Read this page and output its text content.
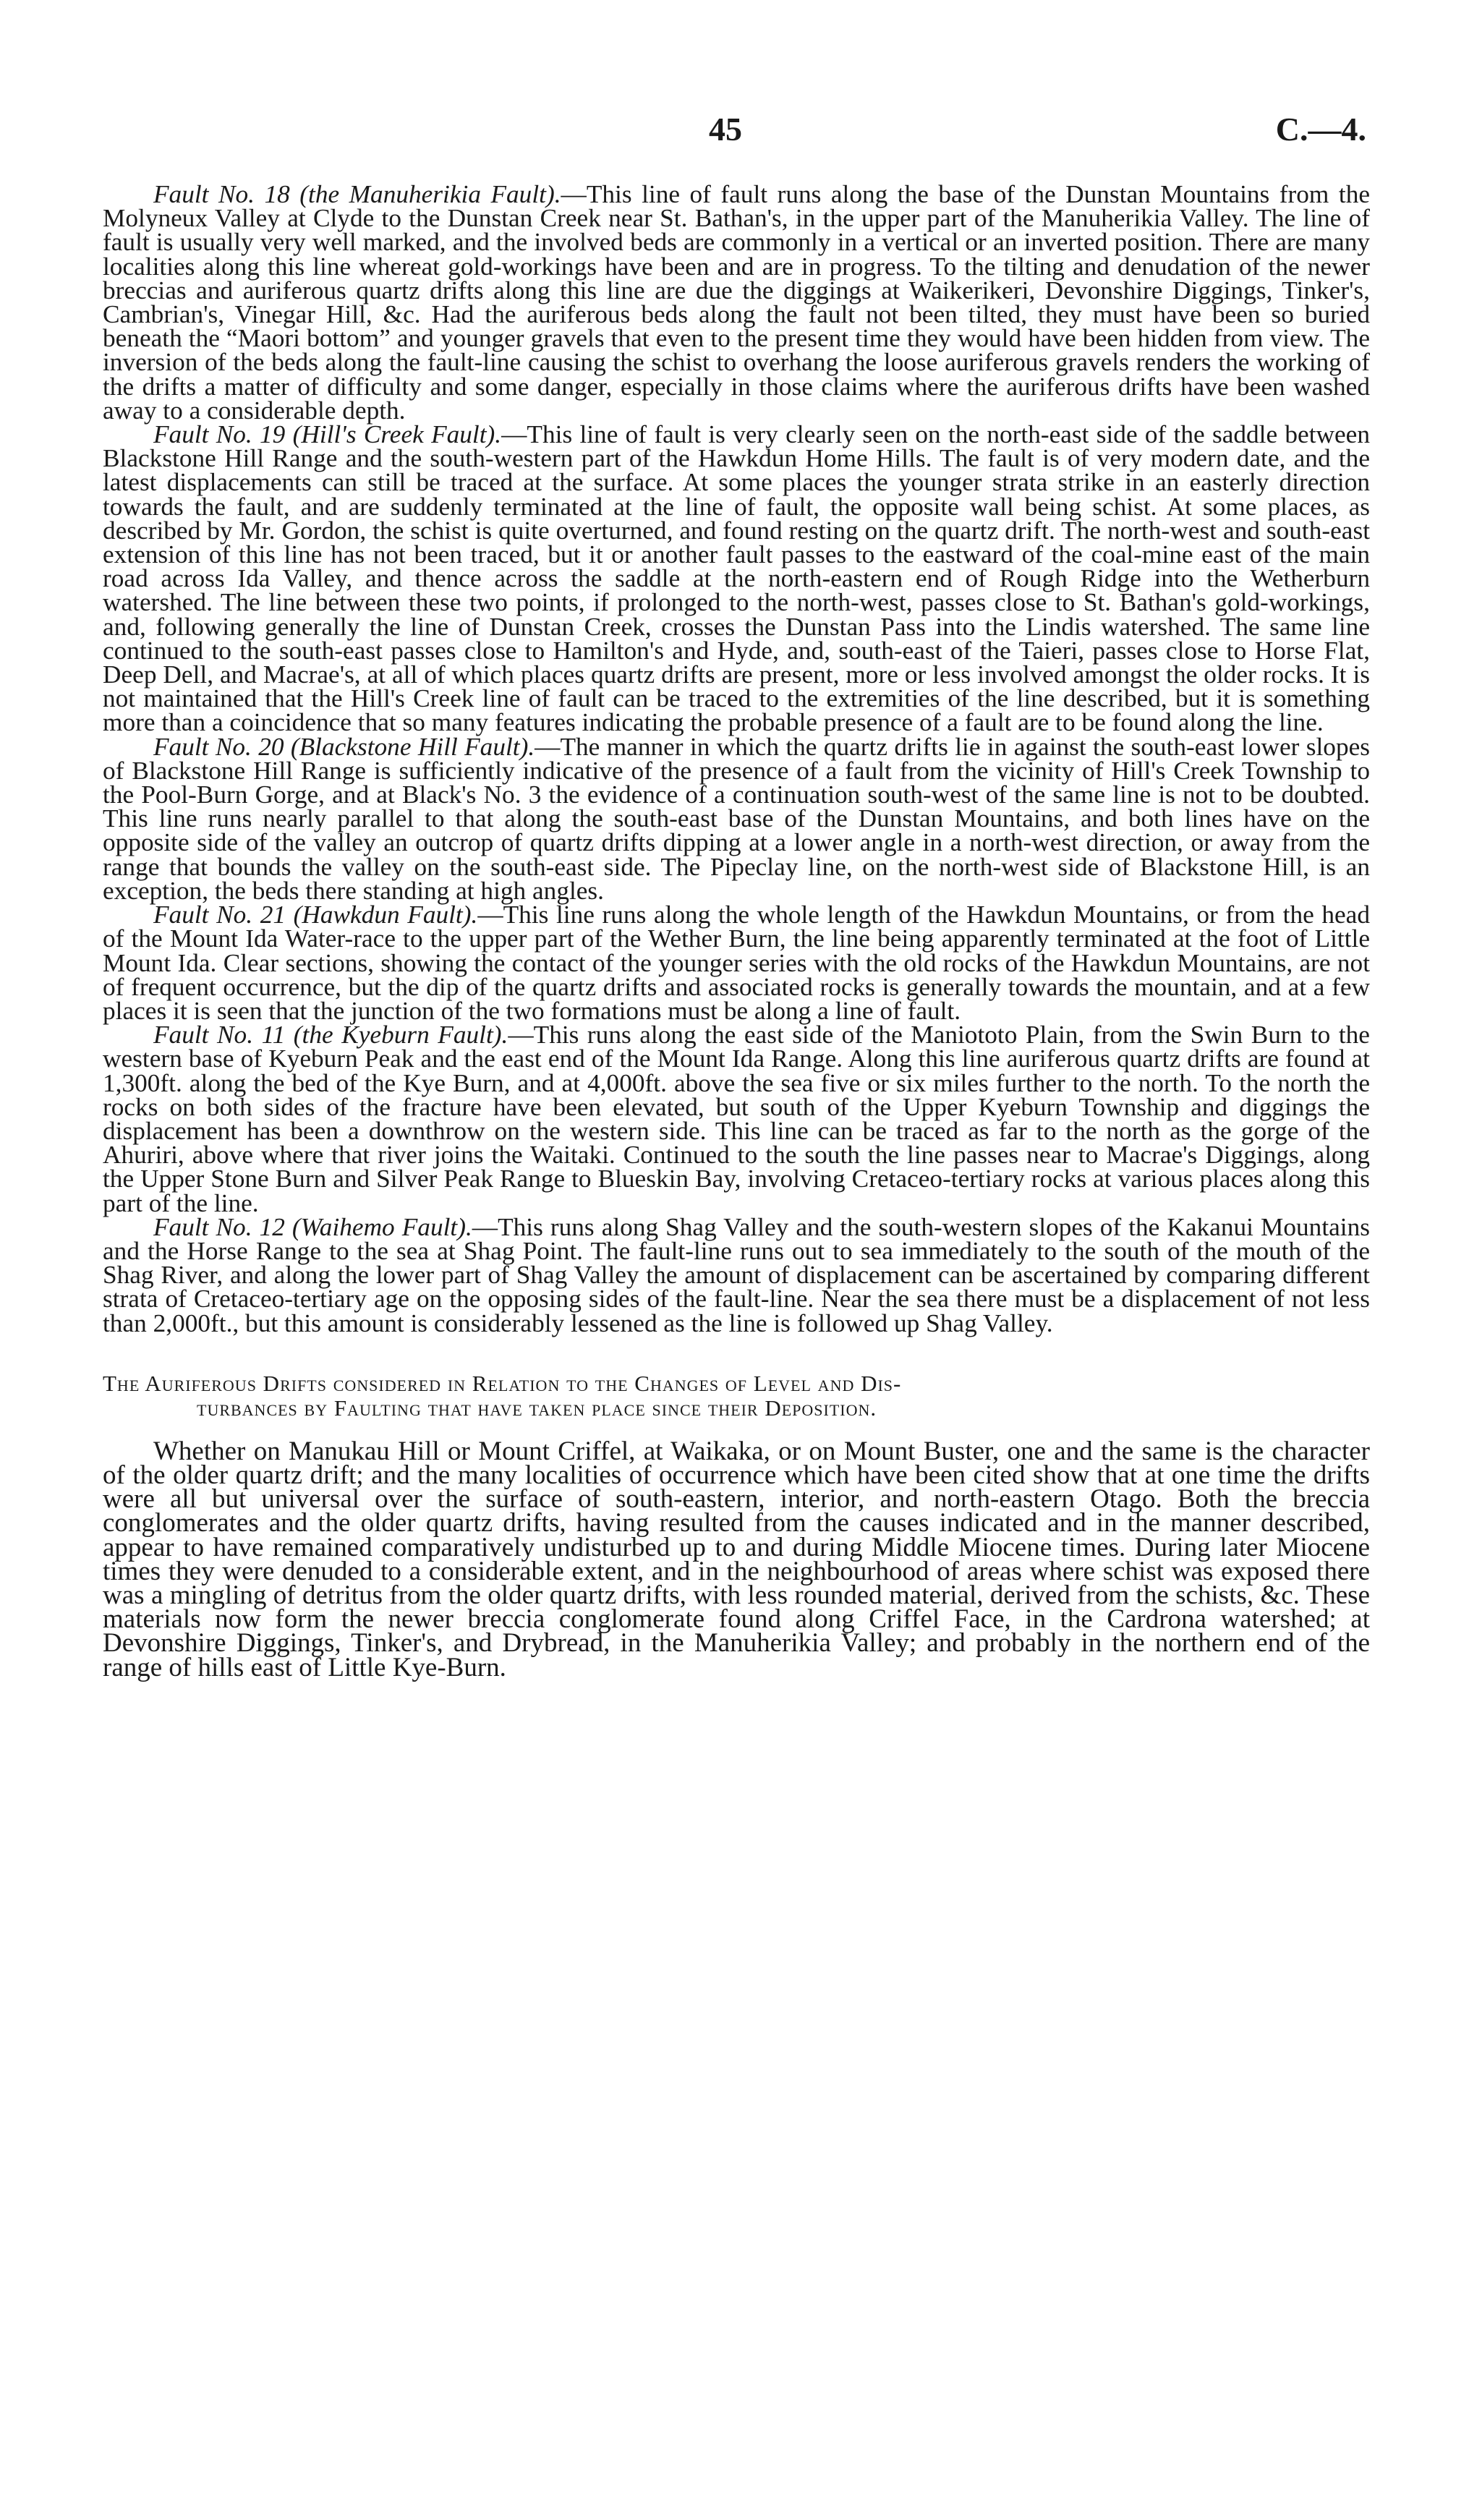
45	C.—4.

Fault No. 18 (the Manuherikia Fault).—This line of fault runs along the base of the Dunstan Mountains from the Molyneux Valley at Clyde to the Dunstan Creek near St. Bathan's, in the upper part of the Manuherikia Valley. The line of fault is usually very well marked, and the involved beds are commonly in a vertical or an inverted position. There are many localities along this line whereat gold-workings have been and are in progress. To the tilting and denudation of the newer breccias and auriferous quartz drifts along this line are due the diggings at Waikerikeri, Devonshire Diggings, Tinker's, Cambrian's, Vinegar Hill, &c. Had the auriferous beds along the fault not been tilted, they must have been so buried beneath the “Maori bottom” and younger gravels that even to the present time they would have been hidden from view. The inversion of the beds along the fault-line causing the schist to overhang the loose auriferous gravels renders the working of the drifts a matter of difficulty and some danger, especially in those claims where the auriferous drifts have been washed away to a considerable depth.

Fault No. 19 (Hill's Creek Fault).—This line of fault is very clearly seen on the north-east side of the saddle between Blackstone Hill Range and the south-western part of the Hawkdun Home Hills. The fault is of very modern date, and the latest displacements can still be traced at the surface. At some places the younger strata strike in an easterly direction towards the fault, and are suddenly terminated at the line of fault, the opposite wall being schist. At some places, as described by Mr. Gordon, the schist is quite overturned, and found resting on the quartz drift. The north-west and south-east extension of this line has not been traced, but it or another fault passes to the eastward of the coal-mine east of the main road across Ida Valley, and thence across the saddle at the north-eastern end of Rough Ridge into the Wetherburn watershed. The line between these two points, if prolonged to the north-west, passes close to St. Bathan's gold-workings, and, following generally the line of Dunstan Creek, crosses the Dunstan Pass into the Lindis watershed. The same line continued to the south-east passes close to Hamilton's and Hyde, and, south-east of the Taieri, passes close to Horse Flat, Deep Dell, and Macrae's, at all of which places quartz drifts are present, more or less involved amongst the older rocks. It is not maintained that the Hill's Creek line of fault can be traced to the extremities of the line described, but it is something more than a coincidence that so many features indicating the probable presence of a fault are to be found along the line.

Fault No. 20 (Blackstone Hill Fault).—The manner in which the quartz drifts lie in against the south-east lower slopes of Blackstone Hill Range is sufficiently indicative of the presence of a fault from the vicinity of Hill's Creek Township to the Pool-Burn Gorge, and at Black's No. 3 the evidence of a continuation south-west of the same line is not to be doubted. This line runs nearly parallel to that along the south-east base of the Dunstan Mountains, and both lines have on the opposite side of the valley an outcrop of quartz drifts dipping at a lower angle in a north-west direction, or away from the range that bounds the valley on the south-east side. The Pipeclay line, on the north-west side of Blackstone Hill, is an exception, the beds there standing at high angles.

Fault No. 21 (Hawkdun Fault).—This line runs along the whole length of the Hawkdun Mountains, or from the head of the Mount Ida Water-race to the upper part of the Wether Burn, the line being apparently terminated at the foot of Little Mount Ida. Clear sections, showing the contact of the younger series with the old rocks of the Hawkdun Mountains, are not of frequent occurrence, but the dip of the quartz drifts and associated rocks is generally towards the mountain, and at a few places it is seen that the junction of the two formations must be along a line of fault.

Fault No. 11 (the Kyeburn Fault).—This runs along the east side of the Maniototo Plain, from the Swin Burn to the western base of Kyeburn Peak and the east end of the Mount Ida Range. Along this line auriferous quartz drifts are found at 1,300ft. along the bed of the Kye Burn, and at 4,000ft. above the sea five or six miles further to the north. To the north the rocks on both sides of the fracture have been elevated, but south of the Upper Kyeburn Township and diggings the displacement has been a downthrow on the western side. This line can be traced as far to the north as the gorge of the Ahuriri, above where that river joins the Waitaki. Continued to the south the line passes near to Macrae's Diggings, along the Upper Stone Burn and Silver Peak Range to Blueskin Bay, involving Cretaceo-tertiary rocks at various places along this part of the line.

Fault No. 12 (Waihemo Fault).—This runs along Shag Valley and the south-western slopes of the Kakanui Mountains and the Horse Range to the sea at Shag Point. The fault-line runs out to sea immediately to the south of the mouth of the Shag River, and along the lower part of Shag Valley the amount of displacement can be ascertained by comparing different strata of Cretaceo-tertiary age on the opposing sides of the fault-line. Near the sea there must be a displacement of not less than 2,000ft., but this amount is considerably lessened as the line is followed up Shag Valley.

The Auriferous Drifts considered in Relation to the Changes of Level and Dis-
turbances by Faulting that have taken place since their Deposition.

Whether on Manukau Hill or Mount Criffel, at Waikaka, or on Mount Buster, one and the same is the character of the older quartz drift; and the many localities of occurrence which have been cited show that at one time the drifts were all but universal over the surface of south-eastern, interior, and north-eastern Otago. Both the breccia conglomerates and the older quartz drifts, having resulted from the causes indicated and in the manner described, appear to have remained comparatively undisturbed up to and during Middle Miocene times. During later Miocene times they were denuded to a considerable extent, and in the neighbourhood of areas where schist was exposed there was a mingling of detritus from the older quartz drifts, with less rounded material, derived from the schists, &c. These materials now form the newer breccia conglomerate found along Criffel Face, in the Cardrona watershed; at Devonshire Diggings, Tinker's, and Drybread, in the Manuherikia Valley; and probably in the northern end of the range of hills east of Little Kye-Burn.
